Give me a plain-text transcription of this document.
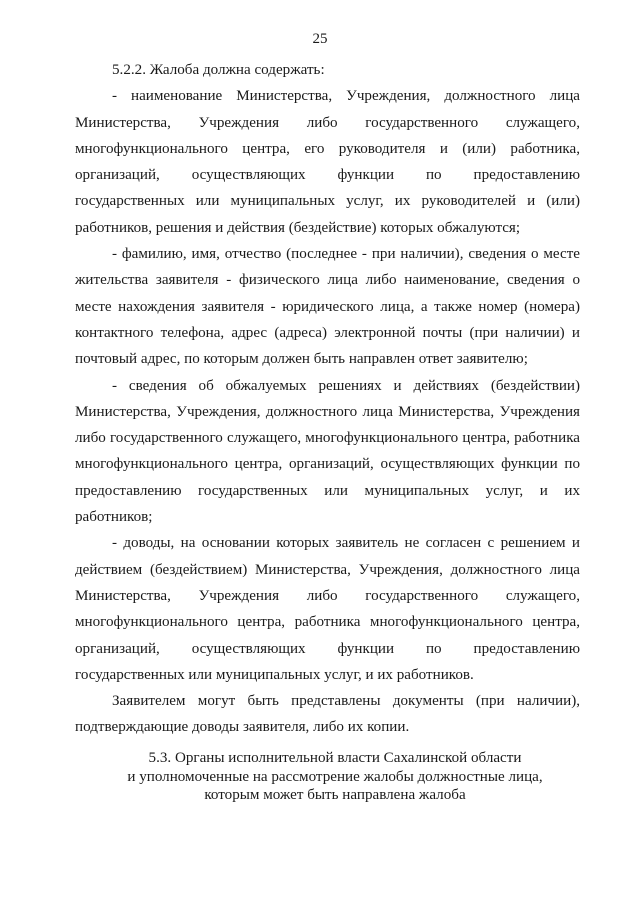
25

5.2.2. Жалоба должна содержать:

- наименование Министерства, Учреждения, должностного лица Министерства, Учреждения либо государственного служащего, многофункционального центра, его руководителя и (или) работника, организаций, осуществляющих функции по предоставлению государственных или муниципальных услуг, их руководителей и (или) работников, решения и действия (бездействие) которых обжалуются;

- фамилию, имя, отчество (последнее - при наличии), сведения о месте жительства заявителя - физического лица либо наименование, сведения о месте нахождения заявителя - юридического лица, а также номер (номера) контактного телефона, адрес (адреса) электронной почты (при наличии) и почтовый адрес, по которым должен быть направлен ответ заявителю;

- сведения об обжалуемых решениях и действиях (бездействии) Министерства, Учреждения, должностного лица Министерства, Учреждения либо государственного служащего, многофункционального центра, работника многофункционального центра, организаций, осуществляющих функции по предоставлению государственных или муниципальных услуг, и их работников;

- доводы, на основании которых заявитель не согласен с решением и действием (бездействием) Министерства, Учреждения, должностного лица Министерства, Учреждения либо государственного служащего, многофункционального центра, работника многофункционального центра, организаций, осуществляющих функции по предоставлению государственных или муниципальных услуг, и их работников.

Заявителем могут быть представлены документы (при наличии), подтверждающие доводы заявителя, либо их копии.

5.3. Органы исполнительной власти Сахалинской области
и уполномоченные на рассмотрение жалобы должностные лица,
которым может быть направлена жалоба
